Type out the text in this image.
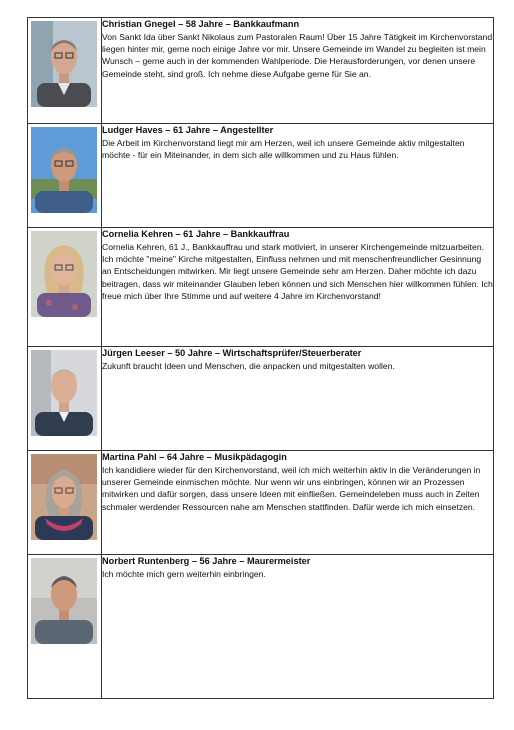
Christian Gnegel – 58 Jahre – Bankkaufmann
Von Sankt Ida über Sankt Nikolaus zum Pastoralen Raum! Über 15 Jahre Tätigkeit im Kirchenvorstand liegen hinter mir, gerne noch einige Jahre vor mir. Unsere Gemeinde im Wandel zu begleiten ist mein Wunsch – gerne auch in der kommenden Wahlperiode. Die Herausforderungen, vor denen unsere Gemeinde steht, sind groß. Ich nehme diese Aufgabe gerne für Sie an.

Ludger Haves – 61 Jahre – Angestellter
Die Arbeit im Kirchenvorstand liegt mir am Herzen, weil ich unsere Gemeinde aktiv mitgestalten möchte - für ein Miteinander, in dem sich alle willkommen und zu Haus fühlen.

Cornelia Kehren – 61 Jahre – Bankkauffrau
Cornelia Kehren, 61 J., Bankkauffrau und stark motiviert, in unserer Kirchengemeinde mitzuarbeiten. Ich möchte "meine" Kirche mitgestalten, Einfluss nehmen und mit menschenfreundlicher Gesinnung an Entscheidungen mitwirken. Mir liegt unsere Gemeinde sehr am Herzen. Daher möchte ich dazu beitragen, dass wir miteinander Glauben leben können und sich Menschen hier willkommen fühlen. Ich freue mich über Ihre Stimme und auf weitere 4 Jahre im Kirchenvorstand!

Jürgen Leeser – 50 Jahre – Wirtschaftsprüfer/Steuerberater
Zukunft braucht Ideen und Menschen, die anpacken und mitgestalten wollen.

Martina Pahl – 64 Jahre – Musikpädagogin
Ich kandidiere wieder für den Kirchenvorstand, weil ich mich weiterhin aktiv in die Veränderungen in unserer Gemeinde einmischen möchte. Nur wenn wir uns einbringen, können wir an Prozessen mitwirken und dafür sorgen, dass unsere Ideen mit einfließen. Gemeindeleben muss auch in Zeiten schmaler werdender Ressourcen nahe am Menschen stattfinden. Dafür werde ich mich einsetzen.

Norbert Runtenberg – 56 Jahre – Maurermeister
Ich möchte mich gern weiterhin einbringen.
